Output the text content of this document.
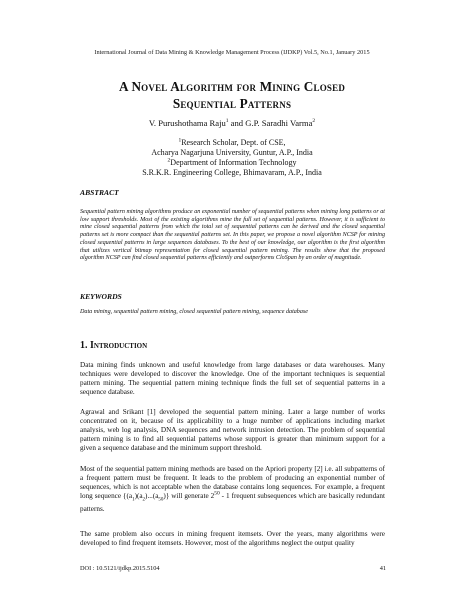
International Journal of Data Mining & Knowledge Management Process (IJDKP) Vol.5, No.1, January 2015
A Novel Algorithm for Mining Closed
Sequential Patterns
V. Purushothama Raju$^1$ and G.P. Saradhi Varma$^2$
$^1$Research Scholar, Dept. of CSE,
Acharya Nagarjuna University, Guntur, A.P., India
$^2$Department of Information Technology
S.R.K.R. Engineering College, Bhimavaram, A.P., India
ABSTRACT

Sequential pattern mining algorithms produce an exponential number of sequential patterns when mining long patterns or at low support thresholds. Most of the existing algorithms mine the full set of sequential patterns. However, it is sufficient to mine closed sequential patterns from which the total set of sequential patterns can be derived and the closed sequential patterns set is more compact than the sequential patterns set. In this paper, we propose a novel algorithm NCSP for mining closed sequential patterns in large sequences databases. To the best of our knowledge, our algorithm is the first algorithm that utilizes vertical bitmap representation for closed sequential pattern mining. The results show that the proposed algorithm NCSP can find closed sequential patterns efficiently and outperforms CloSpan by an order of magnitude.

KEYWORDS

Data mining, sequential pattern mining, closed sequential pattern mining, sequence database

1. Introduction

Data mining finds unknown and useful knowledge from large databases or data warehouses. Many techniques were developed to discover the knowledge. One of the important techniques is sequential pattern mining. The sequential pattern mining technique finds the full set of sequential patterns in a sequence database.

Agrawal and Srikant [1] developed the sequential pattern mining. Later a large number of works concentrated on it, because of its applicability to a huge number of applications including market analysis, web log analysis, DNA sequences and network intrusion detection. The problem of sequential pattern mining is to find all sequential patterns whose support is greater than minimum support for a given a sequence database and the minimum support threshold.

Most of the sequential pattern mining methods are based on the Apriori property [2] i.e. all subpatterns of a frequent pattern must be frequent. It leads to the problem of producing an exponential number of sequences, which is not acceptable when the database contains long sequences. For example, a frequent long sequence $\{(a_1)(a_2)...(a_{50})\}$ will generate $2^{50} - 1$ frequent subsequences which are basically redundant patterns.

The same problem also occurs in mining frequent itemsets. Over the years, many algorithms were developed to find frequent itemsets. However, most of the algorithms neglect the output quality

DOI : 10.5121/ijdkp.2015.5104	41
